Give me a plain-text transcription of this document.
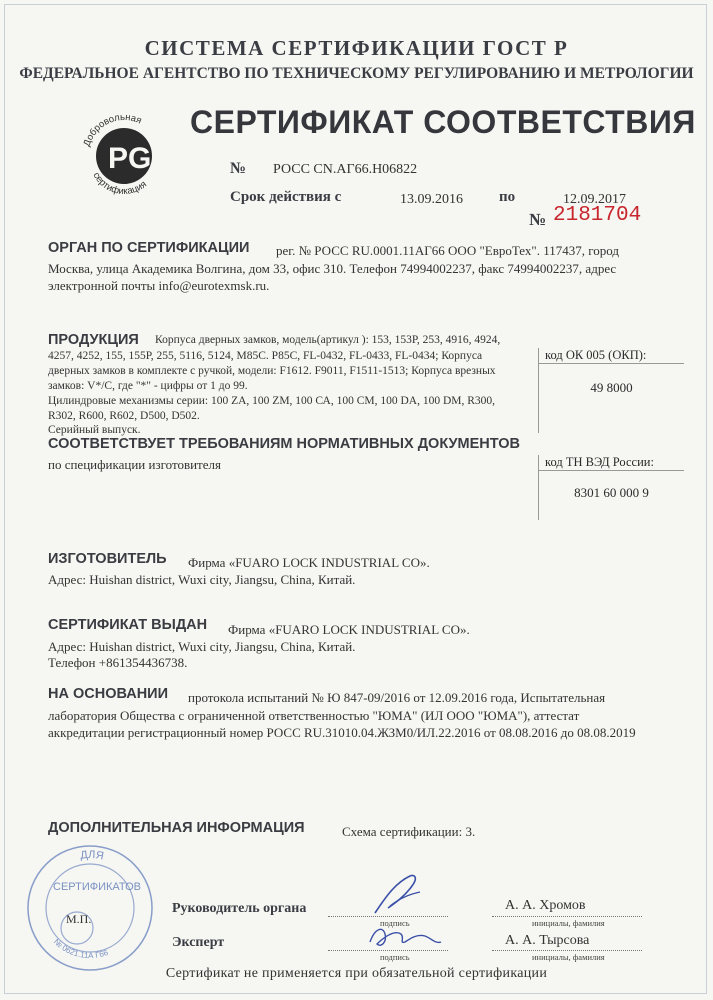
СИСТЕМА СЕРТИФИКАЦИИ ГОСТ Р
ФЕДЕРАЛЬНОЕ АГЕНТСТВО ПО ТЕХНИЧЕСКОМУ РЕГУЛИРОВАНИЮ И МЕТРОЛОГИИ
PG
Добровольная
сертификация
СЕРТИФИКАТ СООТВЕТСТВИЯ
№ РОСС CN.АГ66.Н06822
Срок действия с	13.09.2016 по	12.09.2017
№ 2181704
ОРГАН ПО СЕРТИФИКАЦИИ рег. № РОСС RU.0001.11АГ66 ООО "ЕвроТех". 117437, город
Москва, улица Академика Волгина, дом 33, офис 310. Телефон 74994002237, факс 74994002237, адрес
электронной почты info@eurotexmsk.ru.
ПРОДУКЦИЯ Корпуса дверных замков, модель(артикул ): 153, 153Р, 253, 4916, 4924,
4257, 4252, 155, 155Р, 255, 5116, 5124, М85С. Р85С, FL-0432, FL-0433, FL-0434; Корпуса
дверных замков в комплекте с ручкой, модели: F1612. F9011, F1511-1513; Корпуса врезных
замков: V*/C, где "*" - цифры от 1 до 99.
Цилиндровые механизмы серии: 100 ZA, 100 ZM, 100 СА, 100 СМ, 100 DA, 100 DM, R300,
R302, R600, R602, D500, D502.
Серийный выпуск.
код ОК 005 (ОКП):
49 8000
СООТВЕТСТВУЕТ ТРЕБОВАНИЯМ НОРМАТИВНЫХ ДОКУМЕНТОВ
по спецификации изготовителя	код ТН ВЭД России:
8301 60 000 9
ИЗГОТОВИТЕЛЬ Фирма «FUARO LOCK INDUSTRIAL CO».
Адрес: Huishan district, Wuxi city, Jiangsu, China, Китай.
СЕРТИФИКАТ ВЫДАН Фирма «FUARO LOCK INDUSTRIAL CO».
Адрес: Huishan district, Wuxi city, Jiangsu, China, Китай.
Телефон +861354436738.
НА ОСНОВАНИИ протокола испытаний № Ю 847-09/2016 от 12.09.2016 года, Испытательная
лаборатория Общества с ограниченной ответственностью "ЮМА" (ИЛ ООО "ЮМА"), аттестат
аккредитации регистрационный номер РОСС RU.31010.04.ЖЗМ0/ИЛ.22.2016 от 08.08.2016 до 08.08.2019
ДОПОЛНИТЕЛЬНАЯ ИНФОРМАЦИЯ	Схема сертификации: 3.
ДЛЯ
СЕРТИФИКАТОВ
№ 0621.11А Г66
М.П.
Руководитель органа
подпись
А. А. Хромов
инициалы, фамилия
Эксперт
подпись
А. А. Тырсова
инициалы, фамилия
Сертификат не применяется при обязательной сертификации
